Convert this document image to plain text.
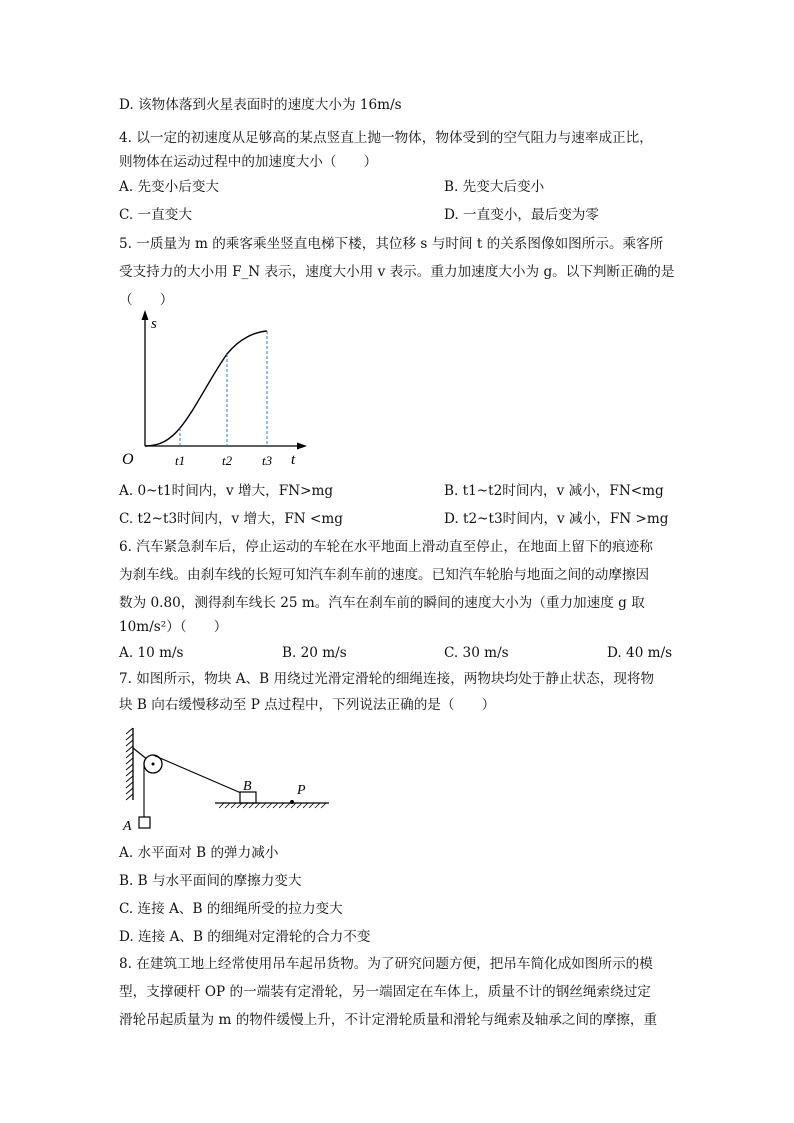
D. 该物体落到火星表面时的速度大小为 16m/s
4. 以一定的初速度从足够高的某点竖直上抛一物体，物体受到的空气阻力与速率成正比，
则物体在运动过程中的加速度大小（　　）
A. 先变小后变大	B. 先变大后变小
C. 一直变大	D. 一直变小，最后变为零
5. 一质量为 m 的乘客乘坐竖直电梯下楼，其位移 s 与时间 t 的关系图像如图所示。乘客所
受支持力的大小用 F_N 表示，速度大小用 v 表示。重力加速度大小为 g。以下判断正确的是
（　　）
s
O	t
t1	t2 t3
A. 0~t1时间内，v 增大，FN>mg	B. t1~t2时间内，v 减小，FN<mg
C. t2~t3时间内，v 增大，FN <mg	D. t2~t3时间内，v 减小，FN >mg
6. 汽车紧急刹车后，停止运动的车轮在水平地面上滑动直至停止，在地面上留下的痕迹称
为刹车线。由刹车线的长短可知汽车刹车前的速度。已知汽车轮胎与地面之间的动摩擦因
数为 0.80，测得刹车线长 25 m。汽车在刹车前的瞬间的速度大小为（重力加速度 g 取
10m/s²）（　　）
A. 10 m/s	B. 20 m/s	C. 30 m/s	D. 40 m/s
7. 如图所示，物块 A、B 用绕过光滑定滑轮的细绳连接，两物块均处于静止状态，现将物
块 B 向右缓慢移动至 P 点过程中，下列说法正确的是（　　）
A
B	P
A. 水平面对 B 的弹力减小
B. B 与水平面间的摩擦力变大
C. 连接 A、B 的细绳所受的拉力变大
D. 连接 A、B 的细绳对定滑轮的合力不变
8. 在建筑工地上经常使用吊车起吊货物。为了研究问题方便，把吊车简化成如图所示的模
型，支撑硬杆 OP 的一端装有定滑轮，另一端固定在车体上，质量不计的钢丝绳索绕过定
滑轮吊起质量为 m 的物件缓慢上升，不计定滑轮质量和滑轮与绳索及轴承之间的摩擦，重
